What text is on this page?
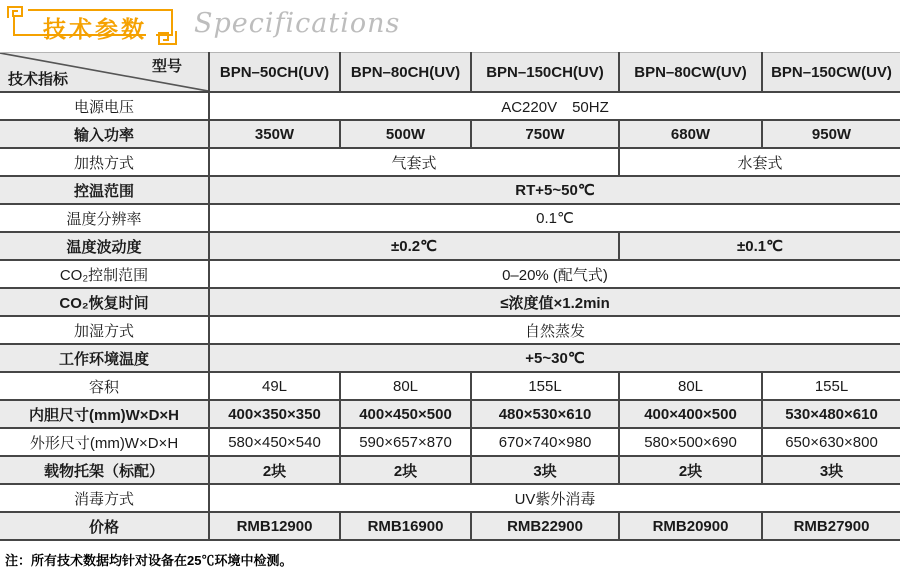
技术参数	Specifications
型号
技术指标	BPN–50CH(UV)	BPN–80CH(UV)	BPN–150CH(UV)	BPN–80CW(UV)	BPN–150CW(UV)
电源电压	AC220V　50HZ				
输入功率	350W	500W	750W	680W	950W
加热方式	气套式			水套式	
控温范围	RT+5~50℃				
温度分辨率	0.1℃				
温度波动度	±0.2℃			±0.1℃	
CO₂控制范围	0–20% (配气式)				
CO₂恢复时间	≤浓度值×1.2min				
加湿方式	自然蒸发				
工作环境温度	+5~30℃				
容积	49L	80L	155L	80L	155L
内胆尺寸(mm)W×D×H	400×350×350	400×450×500	480×530×610	400×400×500	530×480×610
外形尺寸(mm)W×D×H	580×450×540	590×657×870	670×740×980	580×500×690	650×630×800
载物托架（标配）	2块	2块	3块	2块	3块
消毒方式	UV紫外消毒				
价格	RMB12900	RMB16900	RMB22900	RMB20900	RMB27900
注：所有技术数据均针对设备在25℃环境中检测。
